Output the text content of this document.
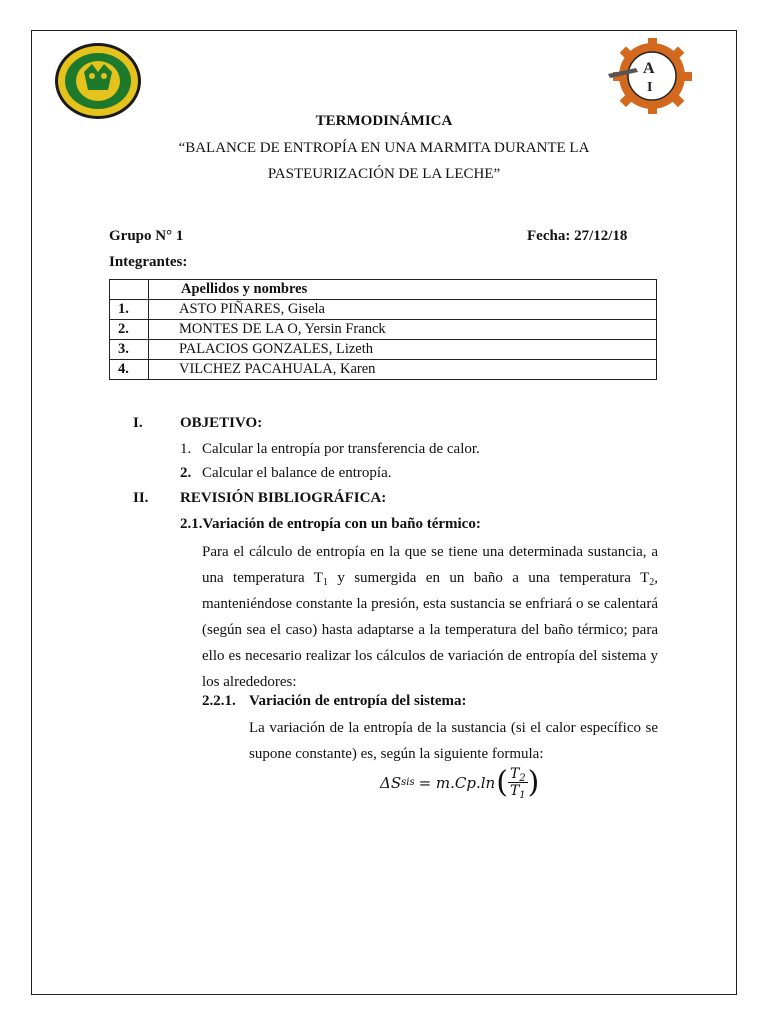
A
I
TERMODINÁMICA
“BALANCE DE ENTROPÍA EN UNA MARMITA DURANTE LA
PASTEURIZACIÓN DE LA LECHE”
Grupo N° 1	Fecha: 27/12/18
Integrantes:
	Apellidos y nombres
1.	ASTO PIÑARES, Gisela
2.	MONTES DE LA O, Yersin Franck
3.	PALACIOS GONZALES, Lizeth
4.	VILCHEZ PACAHUALA, Karen
I. OBJETIVO:
1. Calcular la entropía por transferencia de calor.
2. Calcular el balance de entropía.
II. REVISIÓN BIBLIOGRÁFICA:
2.1.Variación de entropía con un baño térmico:
Para el cálculo de entropía en la que se tiene una determinada sustancia, a una temperatura $T_1$ y sumergida en un baño a una temperatura $T_2$, manteniéndose constante la presión, esta sustancia se enfriará o se calentará (según sea el caso) hasta adaptarse a la temperatura del baño térmico; para ello es necesario realizar los cálculos de variación de entropía del sistema y los alrededores:
2.2.1. Variación de entropía del sistema:
La variación de la entropía de la sustancia (si el calor específico se supone constante) es, según la siguiente formula:
ΔS sis = m.Cp.ln ( $T_2$
$T_1$ )
